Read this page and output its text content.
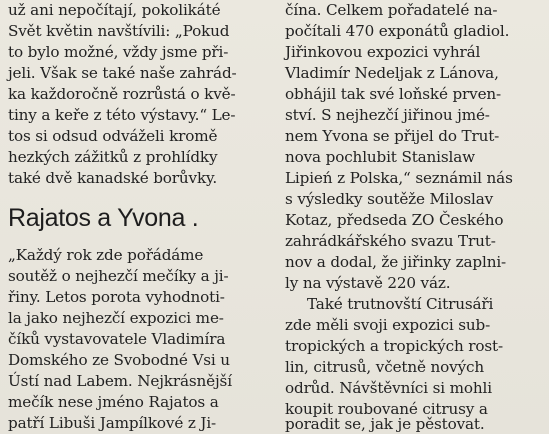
už ani nepočítají, pokolikáté
Svět květin navštívili: „Pokud
to bylo možné, vždy jsme při-
jeli. Však se také naše zahrád-
ka každoročně rozrůstá o kvě-
tiny a keře z této výstavy.“ Le-
tos si odsud odváželi kromě
hezkých zážitků z prohlídky
také dvě kanadské borůvky.
Rajatos a Yvona .
„Každý rok zde pořádáme
soutěž o nejhezčí mečíky a ji-
řiny. Letos porota vyhodnoti-
la jako nejhezčí expozici me-
číků vystavovatele Vladimíra
Domského ze Svobodné Vsi u
Ústí nad Labem. Nejkrásnější
mečík nese jméno Rajatos a
patří Libuši Jampílkové z Ji-
čína. Celkem pořadatelé na-
počítali 470 exponátů gladiol.
Jiřinkovou expozici vyhrál
Vladimír Nedeljak z Lánova,
obhájil tak své loňské prven-
ství. S nejhezčí jiřinou jmé-
nem Yvona se přijel do Trut-
nova pochlubit Stanislaw
Lipień z Polska,“ seznámil nás
s výsledky soutěže Miloslav
Kotaz, předseda ZO Českého
zahrádkářského svazu Trut-
nov a dodal, že jiřinky zaplni-
ly na výstavě 220 váz.
Také trutnovští Citrusáři
zde měli svoji expozici sub-
tropických a tropických rost-
lin, citrusů, včetně nových
odrůd. Návštěvníci si mohli
koupit roubované citrusy a
poradit se, jak je pěstovat.
